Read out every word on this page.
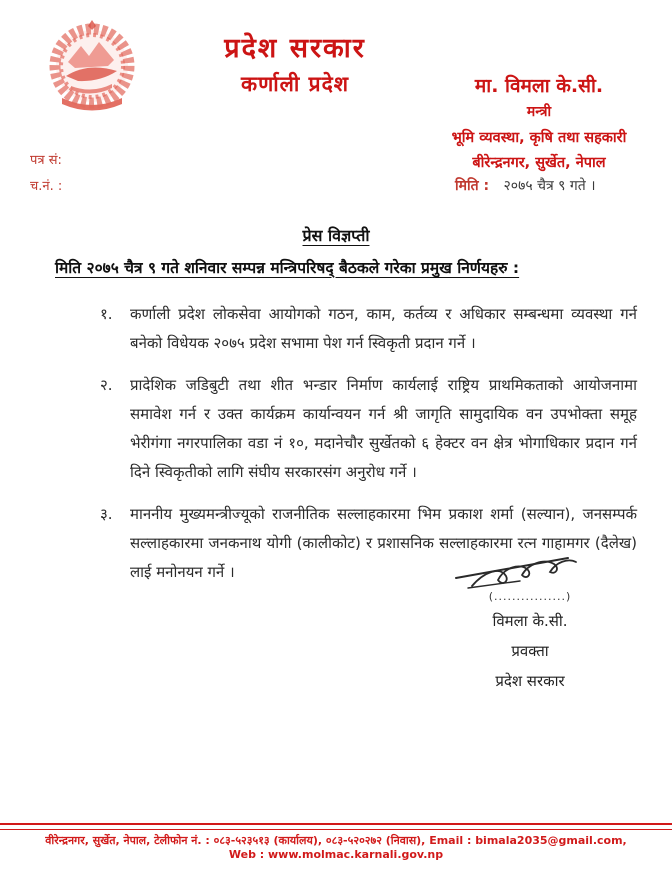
प्रदेश सरकार
कर्णाली प्रदेश	मा. विमला के.सी.
मन्त्री
भूमि व्यवस्था, कृषि तथा सहकारी
बीरेन्द्रनगर, सुर्खेत, नेपाल
पत्र सं:
च.नं. :	मिति : २०७५ चैत्र ९ गते ।
प्रेस विज्ञप्ती
मिति २०७५ चैत्र ९ गते शनिवार सम्पन्न मन्त्रिपरिषद् बैठकले गरेका प्रमुख निर्णयहरु :
१.	कर्णाली प्रदेश लोकसेवा आयोगको गठन, काम, कर्तव्य र अधिकार सम्बन्धमा व्यवस्था गर्न बनेको विधेयक २०७५ प्रदेश सभामा पेश गर्न स्विकृती प्रदान गर्ने ।
२.	प्रादेशिक जडिबुटी तथा शीत भन्डार निर्माण कार्यलाई राष्ट्रिय प्राथमिकताको आयोजनामा समावेश गर्न र उक्त कार्यक्रम कार्यान्वयन गर्न श्री जागृति सामुदायिक वन उपभोक्ता समूह भेरीगंगा नगरपालिका वडा नं १०, मदानेचौर सुर्खेतको ६ हेक्टर वन क्षेत्र भोगाधिकार प्रदान गर्न दिने स्विकृतीको लागि संघीय सरकारसंग अनुरोध गर्ने ।
३.	माननीय मुख्यमन्त्रीज्यूको राजनीतिक सल्लाहकारमा भिम प्रकाश शर्मा (सल्यान), जनसम्पर्क सल्लाहकारमा जनकनाथ योगी (कालीकोट) र प्रशासनिक सल्लाहकारमा रत्न गाहामगर (दैलेख) लाई मनोनयन गर्ने ।
(................)
विमला के.सी.
प्रवक्ता
प्रदेश सरकार
वीरेन्द्रनगर, सुर्खेत, नेपाल, टेलीफोन नं. : ०८३-५२३५१३ (कार्यालय), ०८३-५२०२७२ (निवास), Email : bimala2035@gmail.com,
Web : www.molmac.karnali.gov.np
